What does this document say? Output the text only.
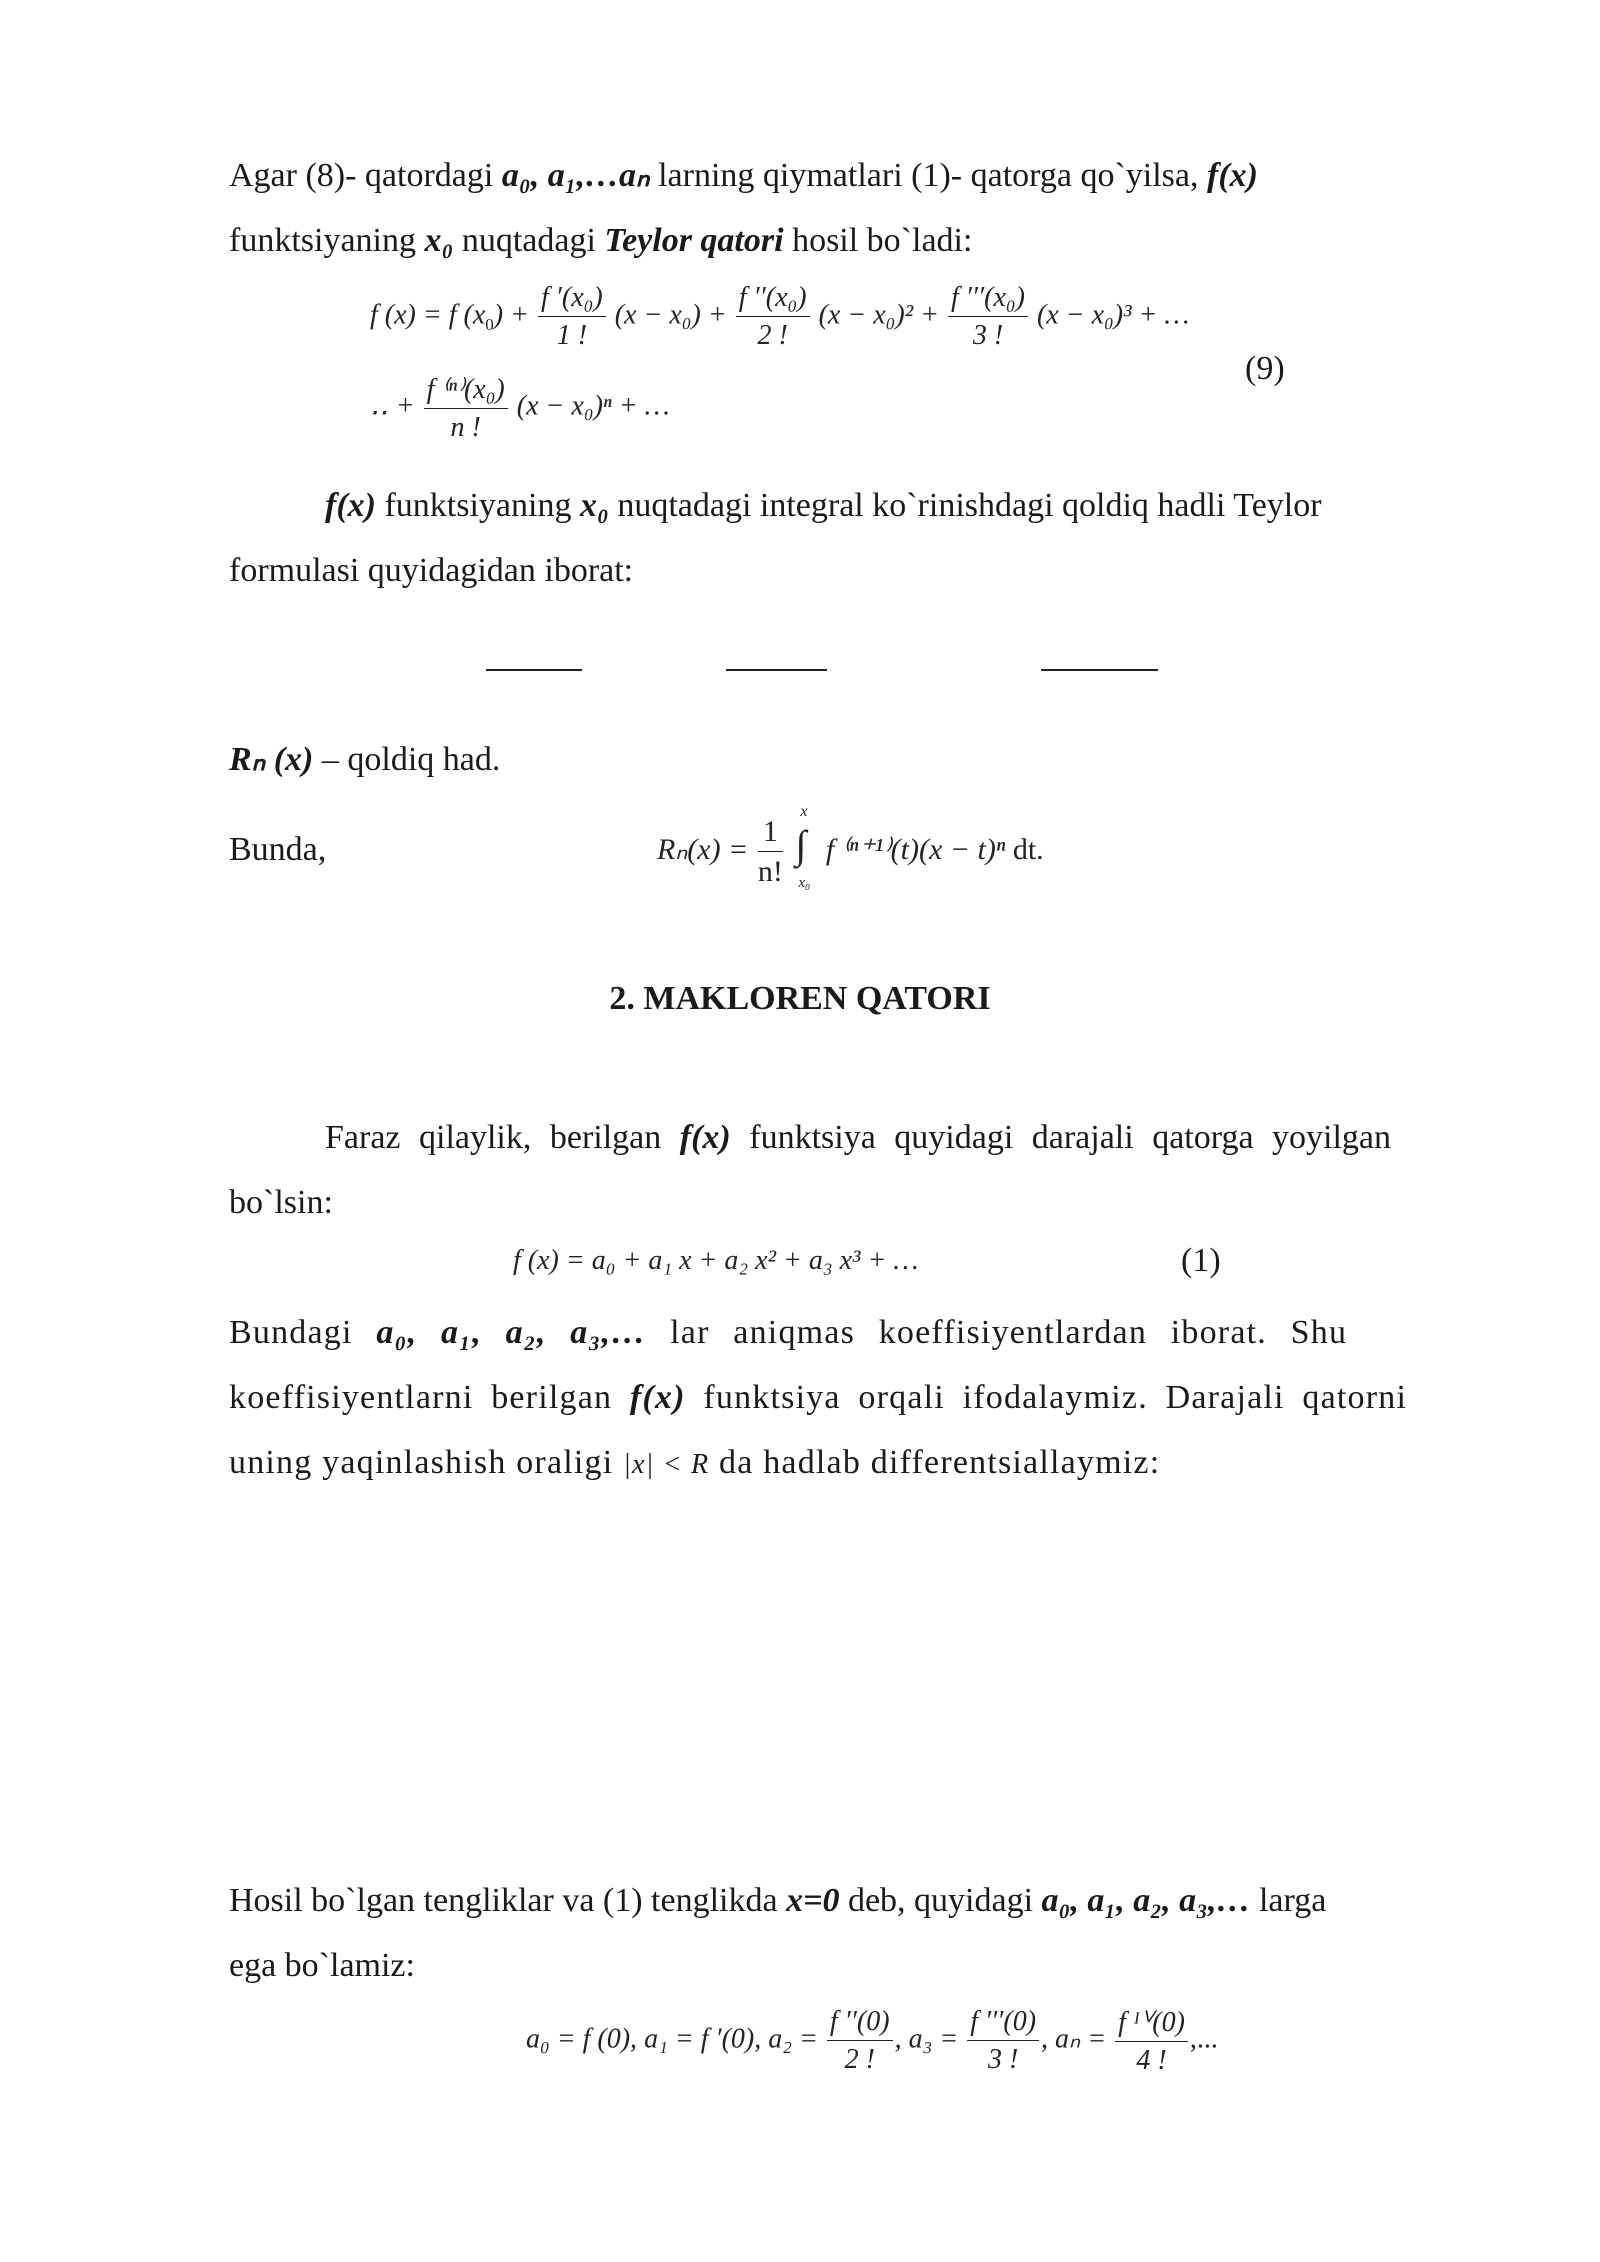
Agar (8)- qatordagi a₀, a₁,…aₙ larning qiymatlari (1)- qatorga qo`yilsa, f(x)
funktsiyaning x₀ nuqtadagi Teylor qatori hosil bo`ladi:
f (x) = f $(x_0) + \frac{\text{f ′(x₀)}}{1 !} (x - x_0) + \frac{\text{f ′′(x₀)}}{2 !} (x - x_0)^2 + \frac{\text{f ′′′(x₀)}}{3 !} (x - x_0)^3$ + …
(9)
‥ + $\frac{\text{f ⁽ⁿ⁾(x₀)}}{n !} (x - x_0)^n$ + …
f(x) funktsiyaning x₀ nuqtadagi integral ko`rinishdagi qoldiq hadli Teylor
formulasi quyidagidan iborat:
Rₙ (x) – qoldiq had.
Bunda,	$R_n(x) = \frac{1}{n!}$

x
∫
x₀
f ⁽ⁿ⁺¹⁾(t)(x − t)ⁿ dt.
2. MAKLOREN QATORI
Faraz qilaylik, berilgan f(x) funktsiya quyidagi darajali qatorga yoyilgan
bo`lsin:
f (x) = a₀ + a₁ x + a₂ x² + a₃ x³ + …	(1)
Bundagi a₀, a₁, a₂, a₃,… lar aniqmas koeffisiyentlardan iborat. Shu
koeffisiyentlarni berilgan f(x) funktsiya orqali ifodalaymiz. Darajali qatorni
uning yaqinlashish oraligi |x| < R da hadlab differentsiallaymiz:
Hosil bo`lgan tengliklar va (1) tenglikda x=0 deb, quyidagi a₀, a₁, a₂, a₃,… larga
ega bo`lamiz:
a₀ = f (0), a₁ = f ′(0), $a_2 = \frac{f ''(0)}{2 !}$ , $a_3 = \frac{f '''(0)}{3 !}$ , $a_n = \frac{\text{f ᴵⱽ(0)}}{4 !}$ ,...
